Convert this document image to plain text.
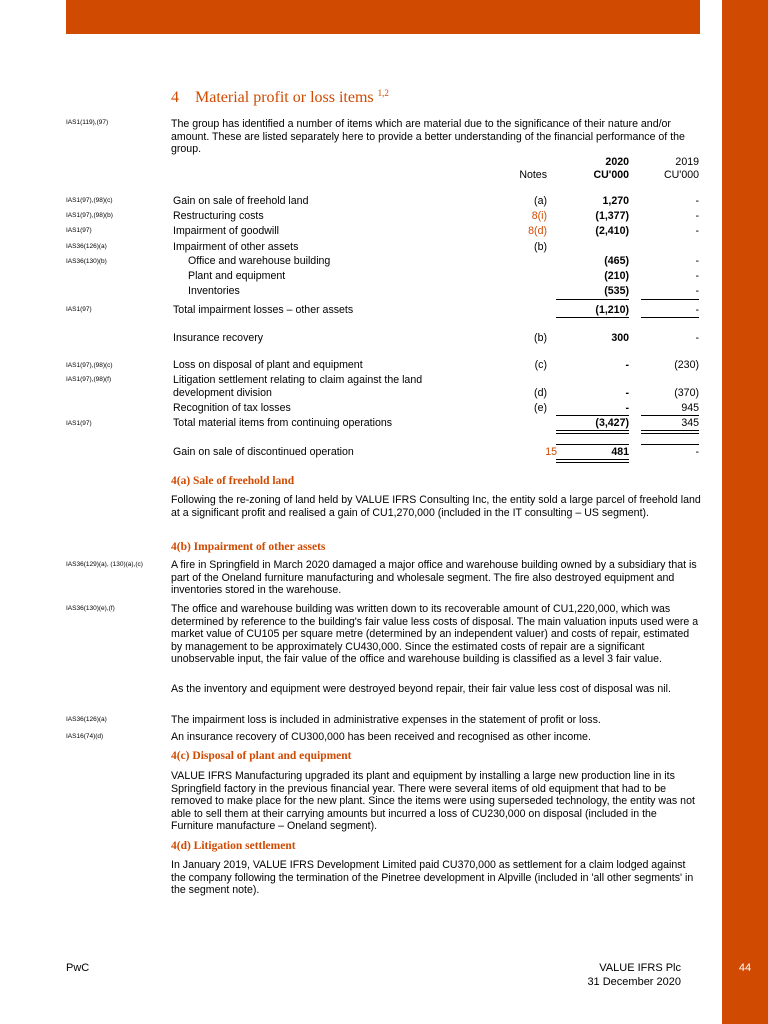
44
4 Material profit or loss items $^{1,2}$
IAS1(119),(97)	The group has identified a number of items which are material due to the significance of their nature and/or amount. These are listed separately here to provide a better understanding of the financial performance of the group.
Notes
2020
CU'000
2019
CU'000
IAS1(97),(98)(c)	Gain on sale of freehold land	(a)	1,270	-
IAS1(97),(98)(b)	Restructuring costs	8(i)	(1,377)	-
IAS1(97)	Impairment of goodwill	8(d)	(2,410)	-
IAS36(126)(a)	Impairment of other assets	(b)
IAS36(130)(b)	Office and warehouse building	(465)	-
Plant and equipment	(210)	-
Inventories	(535)	-
IAS1(97)	Total impairment losses – other assets	(1,210)	-
Insurance recovery	(b)	300	-
IAS1(97),(98)(c)	Loss on disposal of plant and equipment	(c)	-	(230)
IAS1(97),(98)(f)	Litigation settlement relating to claim against the land
development division	(d)	-	(370)
Recognition of tax losses	(e)	-	945
IAS1(97)	Total material items from continuing operations	(3,427)	345
Gain on sale of discontinued operation	15	481	-
4(a) Sale of freehold land
Following the re-zoning of land held by VALUE IFRS Consulting Inc, the entity sold a large parcel of freehold land at a significant profit and realised a gain of CU1,270,000 (included in the IT consulting – US segment).
4(b) Impairment of other assets
IAS36(129)(a), (130)(a),(c)	A fire in Springfield in March 2020 damaged a major office and warehouse building owned by a subsidiary that is part of the Oneland furniture manufacturing and wholesale segment. The fire also destroyed equipment and inventories stored in the warehouse.
IAS36(130)(e),(f)	The office and warehouse building was written down to its recoverable amount of CU1,220,000, which was determined by reference to the building's fair value less costs of disposal. The main valuation inputs used were a market value of CU105 per square metre (determined by an independent valuer) and costs of repair, estimated by management to be approximately CU430,000. Since the estimated costs of repair are a significant unobservable input, the fair value of the office and warehouse building is classified as a level 3 fair value.
As the inventory and equipment were destroyed beyond repair, their fair value less cost of disposal was nil.
IAS36(126)(a)	The impairment loss is included in administrative expenses in the statement of profit or loss.
IAS16(74)(d)	An insurance recovery of CU300,000 has been received and recognised as other income.
4(c) Disposal of plant and equipment
VALUE IFRS Manufacturing upgraded its plant and equipment by installing a large new production line in its Springfield factory in the previous financial year. There were several items of old equipment that had to be removed to make place for the new plant. Since the items were using superseded technology, the entity was not able to sell them at their carrying amounts but incurred a loss of CU230,000 on disposal (included in the Furniture manufacture – Oneland segment).
4(d) Litigation settlement
In January 2019, VALUE IFRS Development Limited paid CU370,000 as settlement for a claim lodged against the company following the termination of the Pinetree development in Alpville (included in 'all other segments' in the segment note).
PwC	VALUE IFRS Plc
31 December 2020
